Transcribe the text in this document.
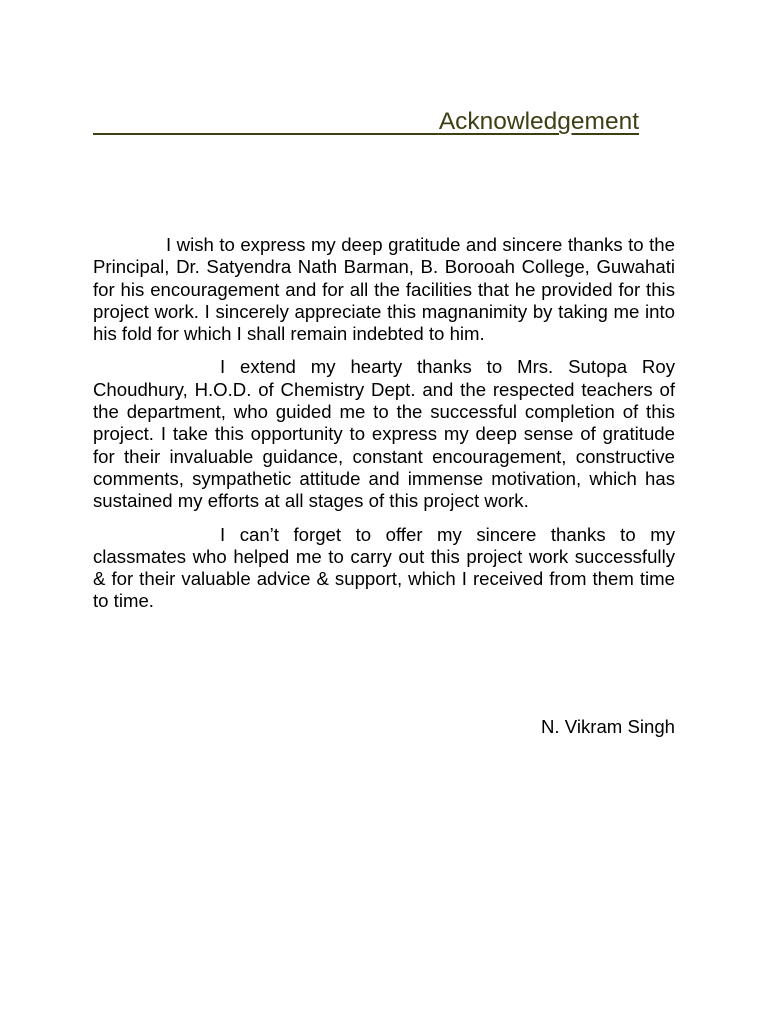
Acknowledgement

I wish to express my deep gratitude and sincere thanks to the Principal, Dr. Satyendra Nath Barman, B. Borooah College, Guwahati for his encouragement and for all the facilities that he provided for this project work. I sincerely appreciate this magnanimity by taking me into his fold for which I shall remain indebted to him.

I extend my hearty thanks to Mrs. Sutopa Roy Choudhury, H.O.D. of Chemistry Dept. and the respected teachers of the department, who guided me to the successful completion of this project. I take this opportunity to express my deep sense of gratitude for their invaluable guidance, constant encouragement, constructive comments, sympathetic attitude and immense motivation, which has sustained my efforts at all stages of this project work.

I can’t forget to offer my sincere thanks to my classmates who helped me to carry out this project work successfully & for their valuable advice & support, which I received from them time to time.

N. Vikram Singh
